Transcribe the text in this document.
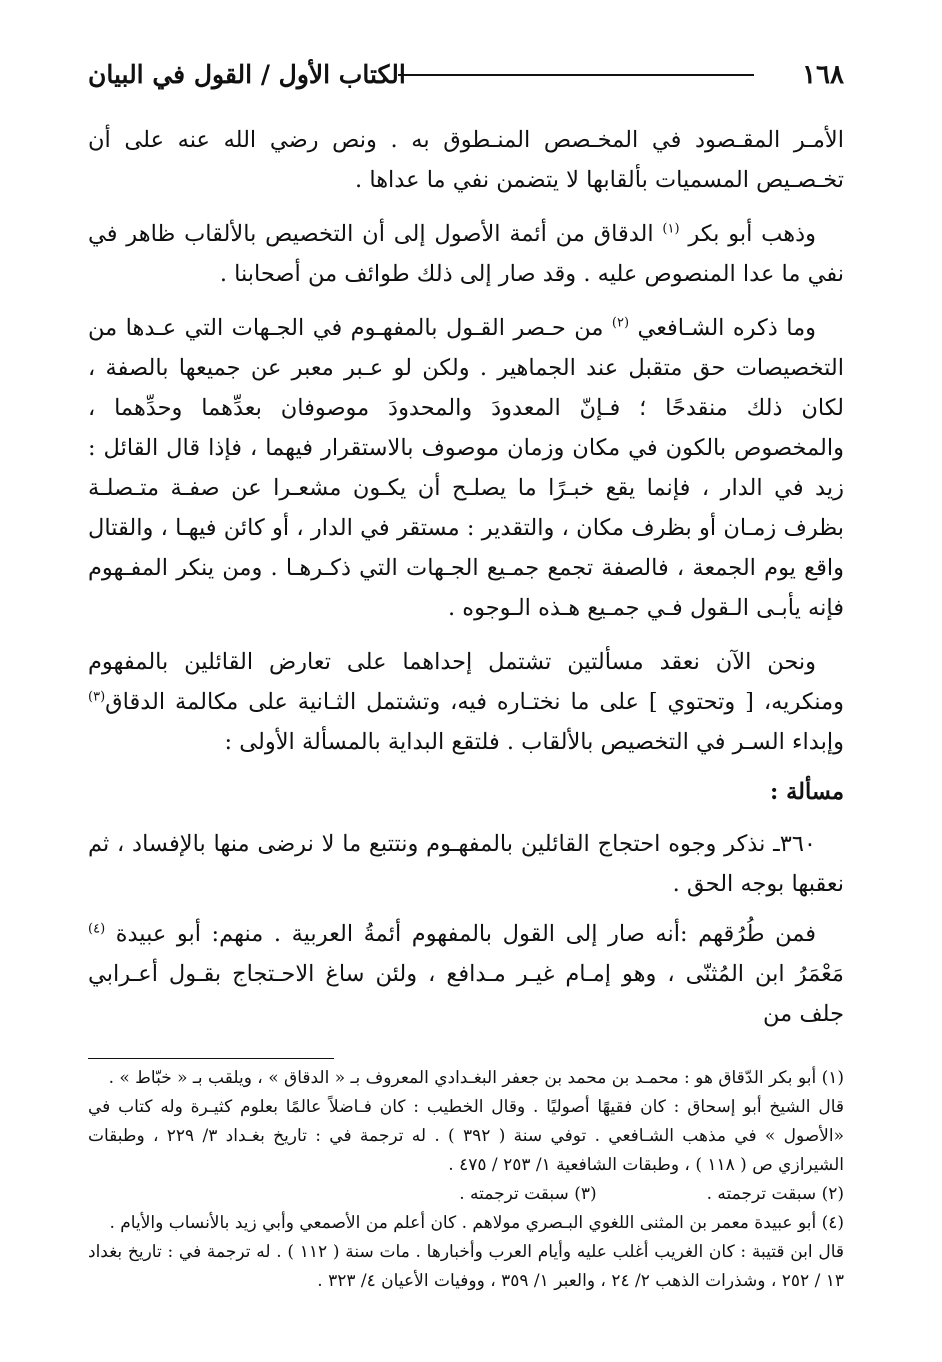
١٦٨
الكتاب الأول / القول في البيان

الأمـر المقـصود في المخـصص المنـطوق به . ونص رضي الله عنه على أن تخـصـيص المسميات بألقابها لا يتضمن نفي ما عداها .

وذهب أبو بكر $^{(١)}$ الدقاق من أئمة الأصول إلى أن التخصيص بالألقاب ظاهر في نفي ما عدا المنصوص عليه . وقد صار إلى ذلك طوائف من أصحابنا .

وما ذكره الشـافعي $^{(٢)}$ من حـصر القـول بالمفهـوم في الجـهات التي عـدها من التخصيصات حق متقبل عند الجماهير . ولكن لو عـبر معبر عن جميعها بالصفة ، لكان ذلك منقدحًا ؛ فـإنّ المعدودَ والمحدودَ موصوفان بعدِّهما وحدِّهما ، والمخصوص بالكون في مكان وزمان موصوف بالاستقرار فيهما ، فإذا قال القائل : زيد في الدار ، فإنما يقع خبـرًا ما يصلـح أن يكـون مشعـرا عن صفـة متـصلـة بظرف زمـان أو بظرف مكان ، والتقدير : مستقر في الدار ، أو كائن فيهـا ، والقتال واقع يوم الجمعة ، فالصفة تجمع جمـيع الجـهات التي ذكـرهـا . ومن ينكر المفـهوم فإنه يأبـى الـقول فـي جمـيع هـذه الـوجوه .

ونحن الآن نعقد مسألتين تشتمل إحداهما على تعارض القائلين بالمفهوم ومنكريه، [ وتحتوي ] على ما نختـاره فيه، وتشتمل الثـانية على مكالمة الدقاق$^{(٣)}$ وإبداء السـر في التخصيص بالألقاب . فلتقع البداية بالمسألة الأولى :

مسألة :

٣٦٠ـ نذكر وجوه احتجاج القائلين بالمفهـوم ونتتبع ما لا نرضى منها بالإفساد ، ثم نعقبها بوجه الحق .

فمن طُرُقهم :أنه صار إلى القول بالمفهوم أئمةُ العربية . منهم: أبو عبيدة $^{(٤)}$ مَعْمَرُ ابن المُثنّى ، وهو إمـام غيـر مـدافع ، ولئن ساغ الاحـتجاج بقـول أعـرابي جلف من

(١) أبو بكر الدّقاق هو : محمـد بن محمد بن جعفر البغـدادي المعروف بـ « الدقاق » ، ويلقب بـ « خبّاط » .

قال الشيخ أبو إسحاق : كان فقيهًا أصوليًا . وقال الخطيب : كان فـاضلاً عالمًا بعلوم كثيـرة وله كتاب في «الأصول » في مذهب الشـافعي . توفي سنة ( ٣٩٢ ) . له ترجمة في : تاريخ بغـداد ٣/ ٢٢٩ ، وطبقات الشيرازي ص ( ١١٨ ) ، وطبقات الشافعية ١/ ٢٥٣ / ٤٧٥ .

(٢) سبقت ترجمته .
(٣) سبقت ترجمته .

(٤) أبو عبيدة معمر بن المثنى اللغوي البـصري مولاهم . كان أعلم من الأصمعي وأبي زيد بالأنساب والأيام .

قال ابن قتيبة : كان الغريب أغلب عليه وأيام العرب وأخبارها . مات سنة ( ١١٢ ) . له ترجمة في : تاريخ بغداد ١٣ / ٢٥٢ ، وشذرات الذهب ٢/ ٢٤ ، والعبر ١/ ٣٥٩ ، ووفيات الأعيان ٤/ ٣٢٣ .
